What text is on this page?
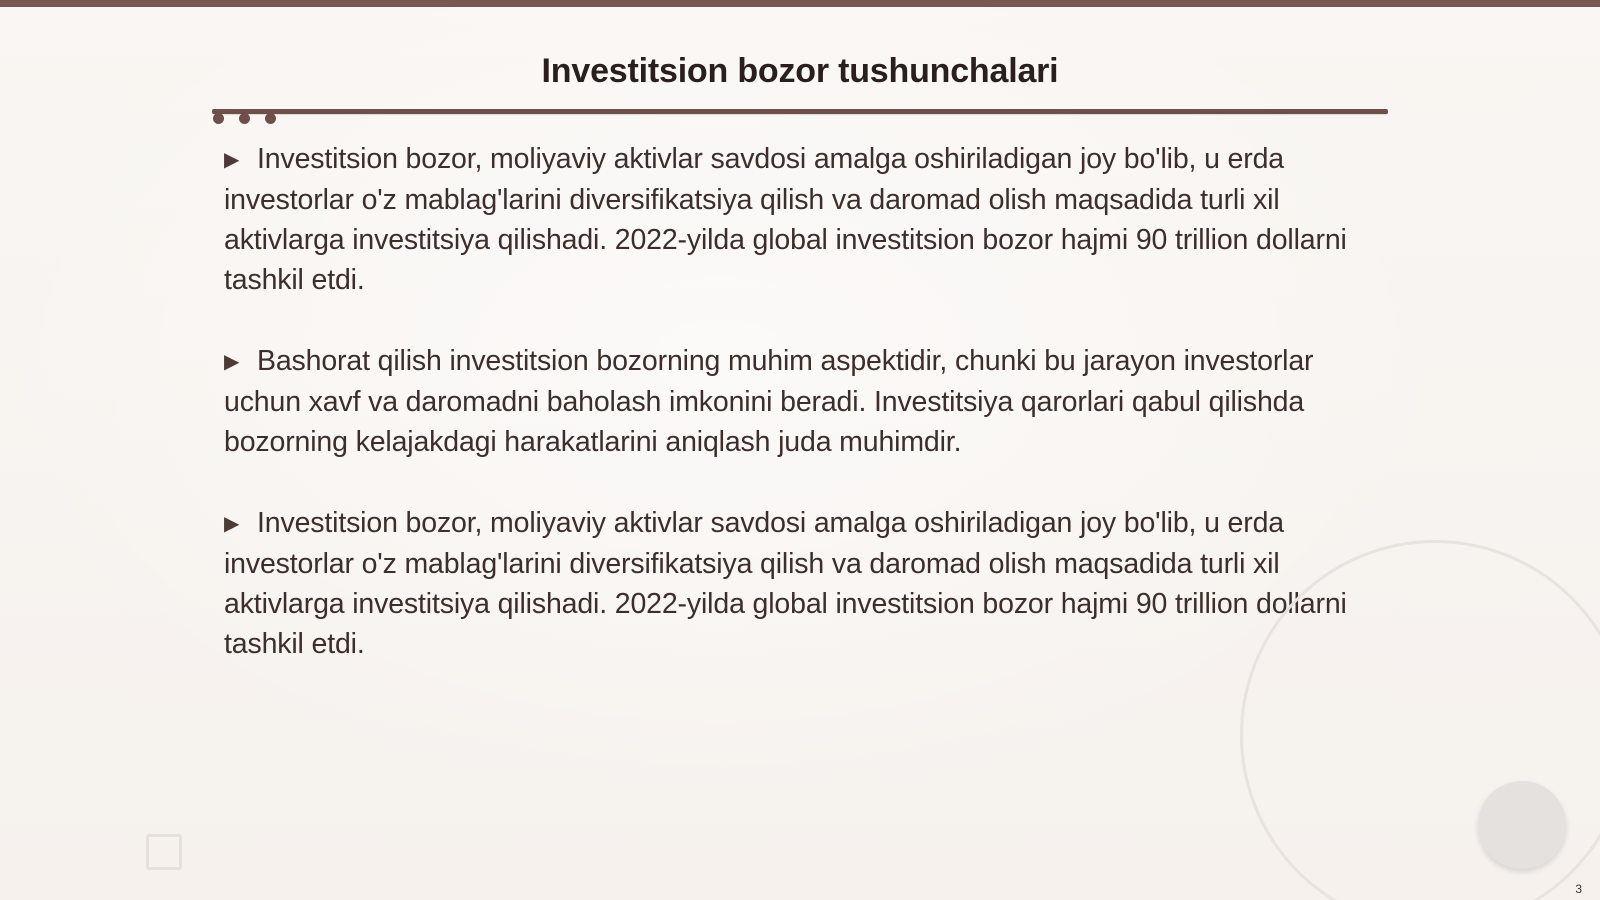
Investitsion bozor tushunchalari

▶ Investitsion bozor, moliyaviy aktivlar savdosi amalga oshiriladigan joy bo'lib, u erda investorlar o'z mablag'larini diversifikatsiya qilish va daromad olish maqsadida turli xil aktivlarga investitsiya qilishadi. 2022-yilda global investitsion bozor hajmi 90 trillion dollarni tashkil etdi.

▶ Bashorat qilish investitsion bozorning muhim aspektidir, chunki bu jarayon investorlar uchun xavf va daromadni baholash imkonini beradi. Investitsiya qarorlari qabul qilishda bozorning kelajakdagi harakatlarini aniqlash juda muhimdir.

▶ Investitsion bozor, moliyaviy aktivlar savdosi amalga oshiriladigan joy bo'lib, u erda investorlar o'z mablag'larini diversifikatsiya qilish va daromad olish maqsadida turli xil aktivlarga investitsiya qilishadi. 2022-yilda global investitsion bozor hajmi 90 trillion dollarni tashkil etdi.

3
